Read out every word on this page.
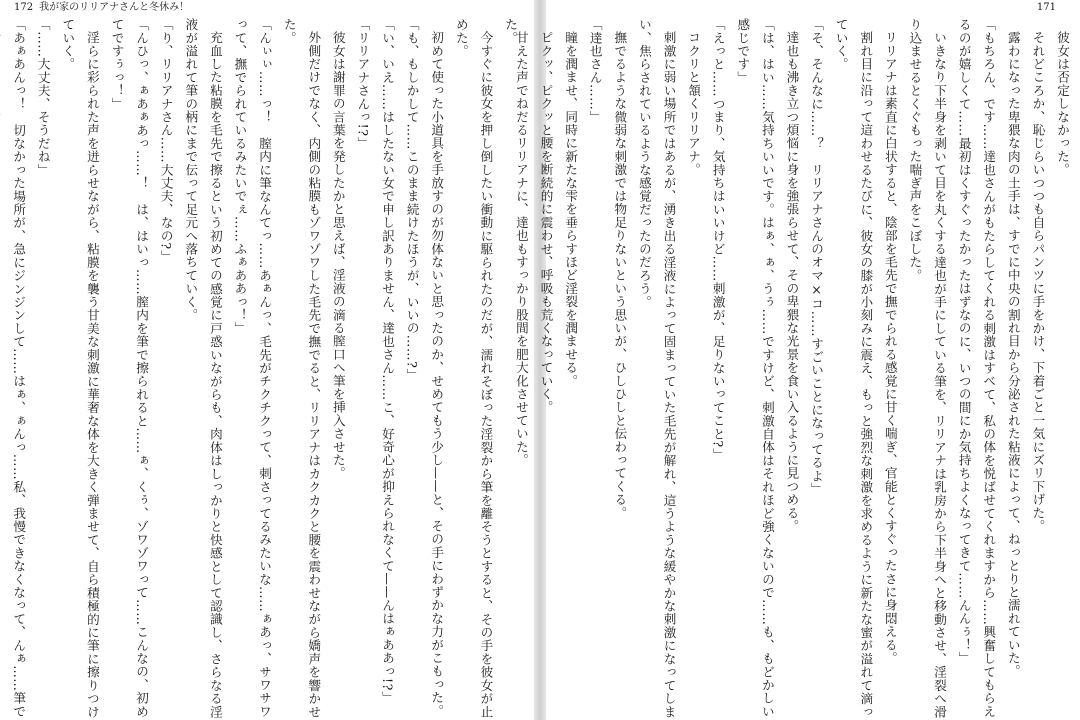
172 我が家のリリアナさんと冬休み！

た。

今すぐに彼女を押し倒したい衝動に駆られたのだが、濡れそぼった淫裂から筆を離そうとすると、その手を彼女が止めた。

初めて使った小道具を手放すのが勿体ないと思ったのか、せめてもう少し——と、その手にわずかな力がこもった。

「も、もしかして……このまま続けたほうが、いいの……?」

「い、いえ……はしたない女で申し訳ありません、達也さん……こ、好奇心が抑えられなくて——んはぁああっ!?」

「リリアナさんっ!?」

彼女は謝罪の言葉を発したかと思えば、淫液の滴る膣口へ筆を挿入させた。

外側だけでなく、内側の粘膜もゾワゾワした毛先で撫でると、リリアナはカクカクと腰を震わせながら嬌声を響かせた。

「んぃぃ……っ！　膣内に筆なんてっ……あぁんっ、毛先がチクチクって、刺さってるみたいな……ぁあっ、サワサワって、撫でられているみたいでぇ……ふぁああっ！」

充血した粘膜を毛先で擦るという初めての感覚に戸惑いながらも、肉体はしっかりと快感として認識し、さらなる淫液が溢れて筆の柄にまで伝って足元へ落ちていく。

「り、リリアナさん……大丈夫、なの?」

「んひっ、ぁあぁあっ……！　は、はいっ……膣内を筆で擦られると……ぁ、くぅ、ゾワゾワって……こんなの、初めてですぅっ！」

淫らに彩られた声を迸らせながら、粘膜を襲う甘美な刺激に華奢な体を大きく弾ませて、自ら積極的に筆に擦りつけていく。

「……大丈夫、そうだね」

「あぁあんっ！　切なかった場所が、急にジンジンして……はぁ、ぁんっ……私、我慢できなくなって、んぁ……筆で

171

彼女は否定しなかった。

それどころか、恥じらいつつも自らパンツに手をかけ、下着ごと一気にズリ下げた。

露わになった卑猥な肉の土手は、すでに中央の割れ目から分泌された粘液によって、ねっとりと濡れていた。

「もちろん、です……達也さんがもたらしてくれる刺激はすべて、私の体を悦ばせてくれますから……興奮してもらえるのが嬉しくて……最初はくすぐったかったはずなのに、いつの間にか気持ちよくなってきて……んんぅ！」

いきなり下半身を剥いて目を丸くする達也が手にしている筆を、リリアナは乳房から下半身へと移動させ、淫裂へ滑り込ませるとくぐもった喘ぎ声をこぼした。

リリアナは素直に白状すると、陰部を毛先で撫でられる感覚に甘く喘ぎ、官能とくすぐったさに身悶える。

割れ目に沿って這わせるたびに、彼女の膝が小刻みに震え、もっと強烈な刺激を求めるように新たな蜜が溢れて滴っていく。

「そ、そんなに……？　リリアナさんのオマ×コ……すごいことになってるよ」

達也も沸き立つ煩悩に身を強張らせて、その卑猥な光景を食い入るように見つめる。

「は、はい……気持ちいいです。はぁ、ぁ、うぅ……ですけど、刺激自体はそれほど強くないので……も、もどかしい感じです」

「えっと……つまり、気持ちはいいけど……刺激が、足りないってこと?」

コクリと頷くリリアナ。

刺激に弱い場所ではあるが、湧き出る淫液によって固まっていた毛先が解れ、這うような緩やかな刺激になってしまい、焦らされているような感覚だったのだろう。

撫でるような微弱な刺激では物足りないという思いが、ひしひしと伝わってくる。

「達也さん……」

瞳を潤ませ、同時に新たな雫を垂らすほど淫裂を潤ませる。

ピクッ、ピクッと腰を断続的に震わせ、呼吸も荒くなっていく。

甘えた声でねだるリリアナに、達也もすっかり股間を肥大化させていた。
